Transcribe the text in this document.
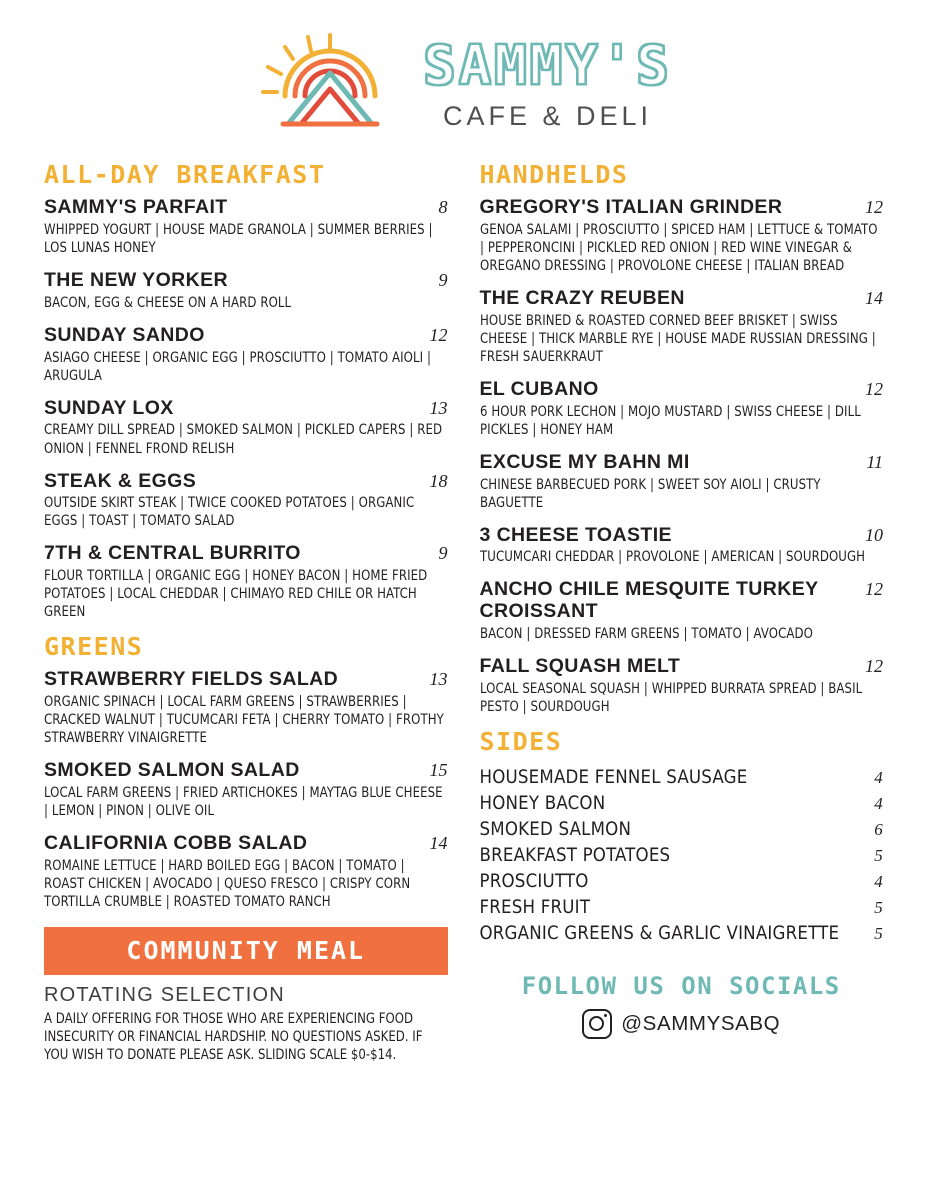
SAMMY'S
CAFE & DELI
ALL-DAY BREAKFAST
SAMMY'S PARFAIT	8
WHIPPED YOGURT | HOUSE MADE GRANOLA | SUMMER BERRIES | LOS LUNAS HONEY
THE NEW YORKER	9
BACON, EGG & CHEESE ON A HARD ROLL
SUNDAY SANDO	12
ASIAGO CHEESE | ORGANIC EGG | PROSCIUTTO | TOMATO AIOLI | ARUGULA
SUNDAY LOX	13
CREAMY DILL SPREAD | SMOKED SALMON | PICKLED CAPERS | RED ONION | FENNEL FROND RELISH
STEAK & EGGS	18
OUTSIDE SKIRT STEAK | TWICE COOKED POTATOES | ORGANIC EGGS | TOAST | TOMATO SALAD
7TH & CENTRAL BURRITO	9
FLOUR TORTILLA | ORGANIC EGG | HONEY BACON | HOME FRIED POTATOES | LOCAL CHEDDAR | CHIMAYO RED CHILE OR HATCH GREEN
GREENS
STRAWBERRY FIELDS SALAD	13
ORGANIC SPINACH | LOCAL FARM GREENS | STRAWBERRIES | CRACKED WALNUT | TUCUMCARI FETA | CHERRY TOMATO | FROTHY STRAWBERRY VINAIGRETTE
SMOKED SALMON SALAD	15
LOCAL FARM GREENS | FRIED ARTICHOKES | MAYTAG BLUE CHEESE | LEMON | PINON | OLIVE OIL
CALIFORNIA COBB SALAD	14
ROMAINE LETTUCE | HARD BOILED EGG | BACON | TOMATO | ROAST CHICKEN | AVOCADO | QUESO FRESCO | CRISPY CORN TORTILLA CRUMBLE | ROASTED TOMATO RANCH
COMMUNITY MEAL
ROTATING SELECTION
A DAILY OFFERING FOR THOSE WHO ARE EXPERIENCING FOOD INSECURITY OR FINANCIAL HARDSHIP. NO QUESTIONS ASKED. IF YOU WISH TO DONATE PLEASE ASK. SLIDING SCALE $0-$14.
HANDHELDS
GREGORY'S ITALIAN GRINDER	12
GENOA SALAMI | PROSCIUTTO | SPICED HAM | LETTUCE & TOMATO | PEPPERONCINI | PICKLED RED ONION | RED WINE VINEGAR & OREGANO DRESSING | PROVOLONE CHEESE | ITALIAN BREAD
THE CRAZY REUBEN	14
HOUSE BRINED & ROASTED CORNED BEEF BRISKET | SWISS CHEESE | THICK MARBLE RYE | HOUSE MADE RUSSIAN DRESSING | FRESH SAUERKRAUT
EL CUBANO	12
6 HOUR PORK LECHON | MOJO MUSTARD | SWISS CHEESE | DILL PICKLES | HONEY HAM
EXCUSE MY BAHN MI	11
CHINESE BARBECUED PORK | SWEET SOY AIOLI | CRUSTY BAGUETTE
3 CHEESE TOASTIE	10
TUCUMCARI CHEDDAR | PROVOLONE | AMERICAN | SOURDOUGH
ANCHO CHILE MESQUITE TURKEY CROISSANT
12
BACON | DRESSED FARM GREENS | TOMATO | AVOCADO
FALL SQUASH MELT	12
LOCAL SEASONAL SQUASH | WHIPPED BURRATA SPREAD | BASIL PESTO | SOURDOUGH
SIDES
HOUSEMADE FENNEL SAUSAGE	4
HONEY BACON	4
SMOKED SALMON	6
BREAKFAST POTATOES	5
PROSCIUTTO	4
FRESH FRUIT	5
ORGANIC GREENS & GARLIC VINAIGRETTE 5
FOLLOW US ON SOCIALS
@SAMMYSABQ
